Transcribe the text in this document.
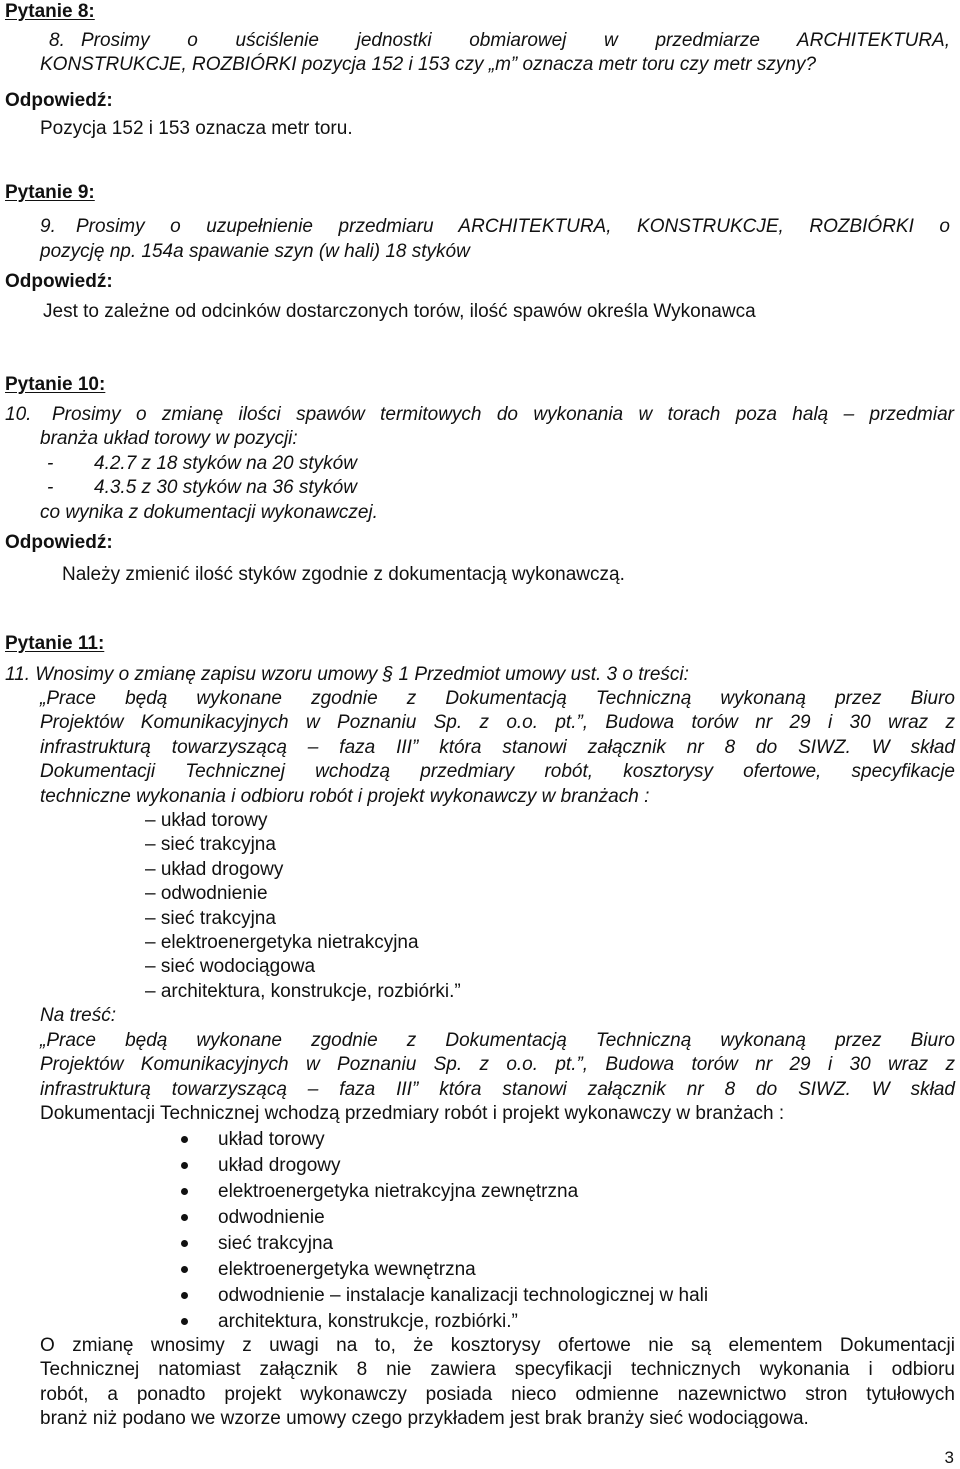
Pytanie 8:
8. Prosimy o uściślenie jednostki obmiarowej w przedmiarze ARCHITEKTURA,
KONSTRUKCJE, ROZBIÓRKI pozycja 152 i 153 czy „m” oznacza metr toru czy metr szyny?
Odpowiedź:
Pozycja 152 i 153 oznacza metr toru.
Pytanie 9:
9. Prosimy o uzupełnienie przedmiaru ARCHITEKTURA, KONSTRUKCJE, ROZBIÓRKI o
pozycję np. 154a spawanie szyn (w hali) 18 styków
Odpowiedź:
Jest to zależne od odcinków dostarczonych torów, ilość spawów określa Wykonawca
Pytanie 10:
10. Prosimy o zmianę ilości spawów termitowych do wykonania w torach poza halą – przedmiar
branża układ torowy w pozycji:
- 4.2.7 z 18 styków na 20 styków
- 4.3.5 z 30 styków na 36 styków
co wynika z dokumentacji wykonawczej.
Odpowiedź:
Należy zmienić ilość styków zgodnie z dokumentacją wykonawczą.
Pytanie 11:
11. Wnosimy o zmianę zapisu wzoru umowy § 1 Przedmiot umowy ust. 3 o treści:
„Prace będą wykonane zgodnie z Dokumentacją Techniczną wykonaną przez Biuro
Projektów Komunikacyjnych w Poznaniu Sp. z o.o. pt.”, Budowa torów nr 29 i 30 wraz z
infrastrukturą towarzyszącą – faza III” która stanowi załącznik nr 8 do SIWZ. W skład
Dokumentacji Technicznej wchodzą przedmiary robót, kosztorysy ofertowe, specyfikacje
techniczne wykonania i odbioru robót i projekt wykonawczy w branżach :
– układ torowy
– sieć trakcyjna
– układ drogowy
– odwodnienie
– sieć trakcyjna
– elektroenergetyka nietrakcyjna
– sieć wodociągowa
– architektura, konstrukcje, rozbiórki.”
Na treść:
„Prace będą wykonane zgodnie z Dokumentacją Techniczną wykonaną przez Biuro
Projektów Komunikacyjnych w Poznaniu Sp. z o.o. pt.”, Budowa torów nr 29 i 30 wraz z
infrastrukturą towarzyszącą – faza III” która stanowi załącznik nr 8 do SIWZ. W skład
Dokumentacji Technicznej wchodzą przedmiary robót i projekt wykonawczy w branżach :
układ torowy
układ drogowy
elektroenergetyka nietrakcyjna zewnętrzna
odwodnienie
sieć trakcyjna
elektroenergetyka wewnętrzna
odwodnienie – instalacje kanalizacji technologicznej w hali
architektura, konstrukcje, rozbiórki.”
O zmianę wnosimy z uwagi na to, że kosztorysy ofertowe nie są elementem Dokumentacji
Technicznej natomiast załącznik 8 nie zawiera specyfikacji technicznych wykonania i odbioru
robót, a ponadto projekt wykonawczy posiada nieco odmienne nazewnictwo stron tytułowych
branż niż podano we wzorze umowy czego przykładem jest brak branży sieć wodociągowa.
3
